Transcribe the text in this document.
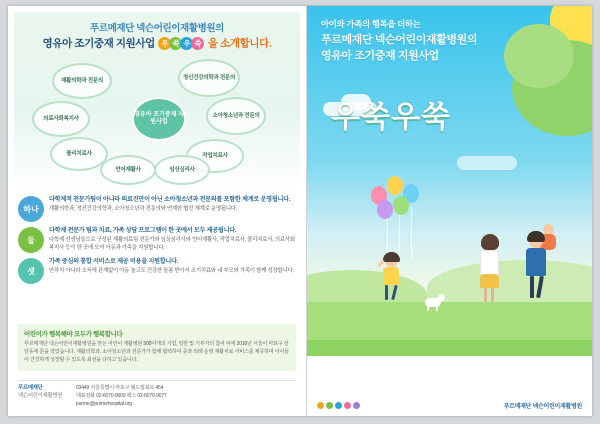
푸르메재단 넥슨어린이재활병원의
영유아 조기중재 지원사업 우 쑥 우 쑥 을 소개합니다.
재활의학과 전문의	정신건강의학과 전문의
의료사회복지사	소아청소년과 전문의
물리치료사	작업치료사
언어재활사	임상심리사
영유아 조기중재 지원사업
하나
다학제적 전문가팀이 아니라 의료진만이 아닌 소아청소년과 전문의를 포함한 체계로 운영됩니다.
재활의학과, 정신건강의학과, 소아청소년과 전문의와 연계한 협진 체계로 운영됩니다.
둘
다학제 전문가 팀과 치료, 가족 상담 프로그램이 한 곳에서 모두 제공됩니다.
다학제 선생님들으로 구성된 재활의료팀 전문가와 임상심리사와 언어재활사, 작업치료사, 물리치료사, 의료사회복지사 등이 한 곳에 모여 아동과 가족을 지원합니다.
셋
가족 중심의 통합 서비스로 제공 비용을 지원합니다.
안하지 아니라 소득에 관계없이 아동 높고도 건강한 돌봄 받아서 조기치료와 내 부모와 가족이 함께 성장합니다.
어린이가 행복해야 모두가 행복합니다
푸르메재단 넥슨어린이재활병원을 만든 어린이 재활병원 500여개의 기업, 일반 및 기부자의 참여 덕에 2016년 서울이 마포구 상암동에 문을 열었습니다. 재활의학과, 소아청소년과 전문가가 함께 협력하여 증과 외래 운영 재활치료 서비스를 제공하며 아이들이 건강하게 성장할 수 있도록 최선을 다하고 있습니다.
푸르메재단
넥슨어린이재활병원
03449 서울특별시 마포구 월드컵북로 454
대표전화 02-6070-9000 팩스 02-6070-9077
purme@purmehospital.org
아이와 가족의 행복을 더하는
푸르메재단 넥슨어린이재활병원의
영유아 조기중재 지원사업
우쑥우쑥
푸르메재단 넥슨어린이재활병원
